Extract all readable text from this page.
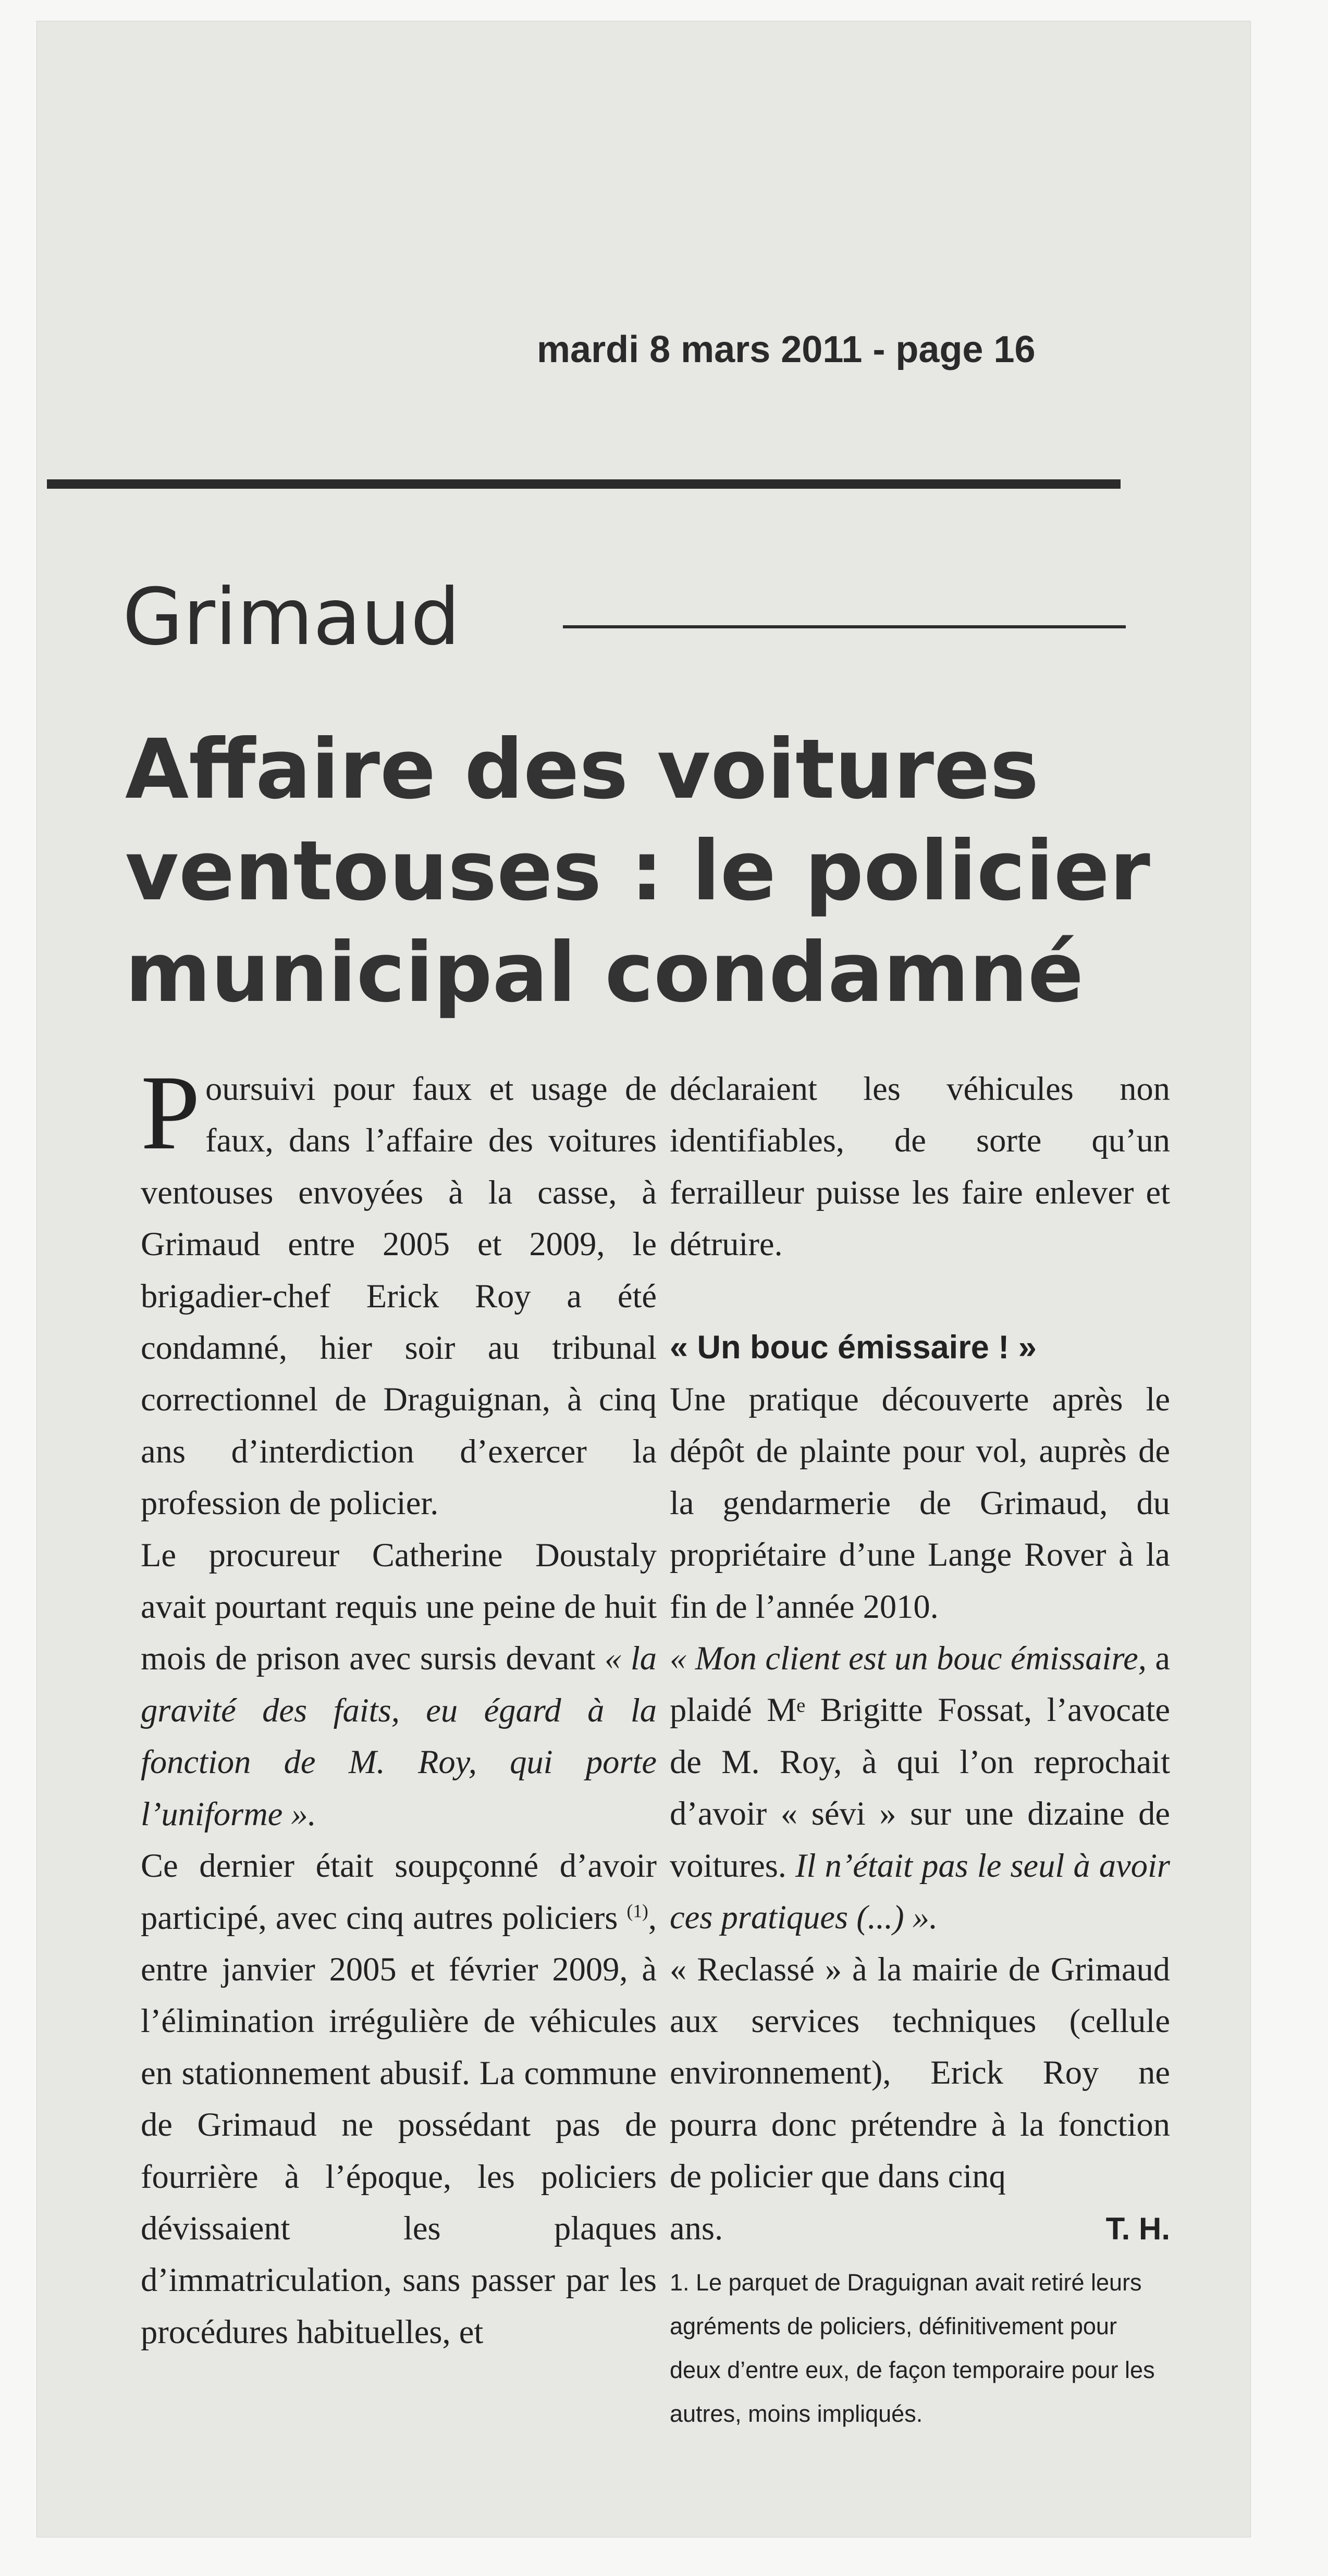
mardi 8 mars 2011 - page 16
Grimaud
Affaire des voitures ventouses : le policier municipal condamné

Poursuivi pour faux et usage de faux, dans l’affaire des voitures ventouses envoyées à la casse, à Grimaud entre 2005 et 2009, le brigadier-chef Erick Roy a été condamné, hier soir au tribunal correctionnel de Draguignan, à cinq ans d’interdiction d’exercer la profession de policier.

Le procureur Catherine Doustaly avait pourtant requis une peine de huit mois de prison avec sursis devant « la gravité des faits, eu égard à la fonction de M. Roy, qui porte l’uniforme ».

Ce dernier était soupçonné d’avoir participé, avec cinq autres policiers $^{(1)}$, entre janvier 2005 et février 2009, à l’élimination irrégulière de véhicules en stationnement abusif. La commune de Grimaud ne possédant pas de fourrière à l’époque, les policiers dévissaient les plaques d’immatriculation, sans passer par les procédures habituelles, et

déclaraient les véhicules non identifiables, de sorte qu’un ferrailleur puisse les faire enlever et détruire.

« Un bouc émissaire ! »

Une pratique découverte après le dépôt de plainte pour vol, auprès de la gendarmerie de Grimaud, du propriétaire d’une Lange Rover à la fin de l’année 2010.

« Mon client est un bouc émissaire, a plaidé Mᵉ Brigitte Fossat, l’avocate de M. Roy, à qui l’on reprochait d’avoir « sévi » sur une dizaine de voitures. Il n’était pas le seul à avoir ces pratiques (...) ».

« Reclassé » à la mairie de Grimaud aux services techniques (cellule environnement), Erick Roy ne pourra donc prétendre à la fonction de policier que dans cinq

ans.	T. H.

1. Le parquet de Draguignan avait retiré leurs agréments de policiers, définitivement pour deux d’entre eux, de façon temporaire pour les autres, moins impliqués.
